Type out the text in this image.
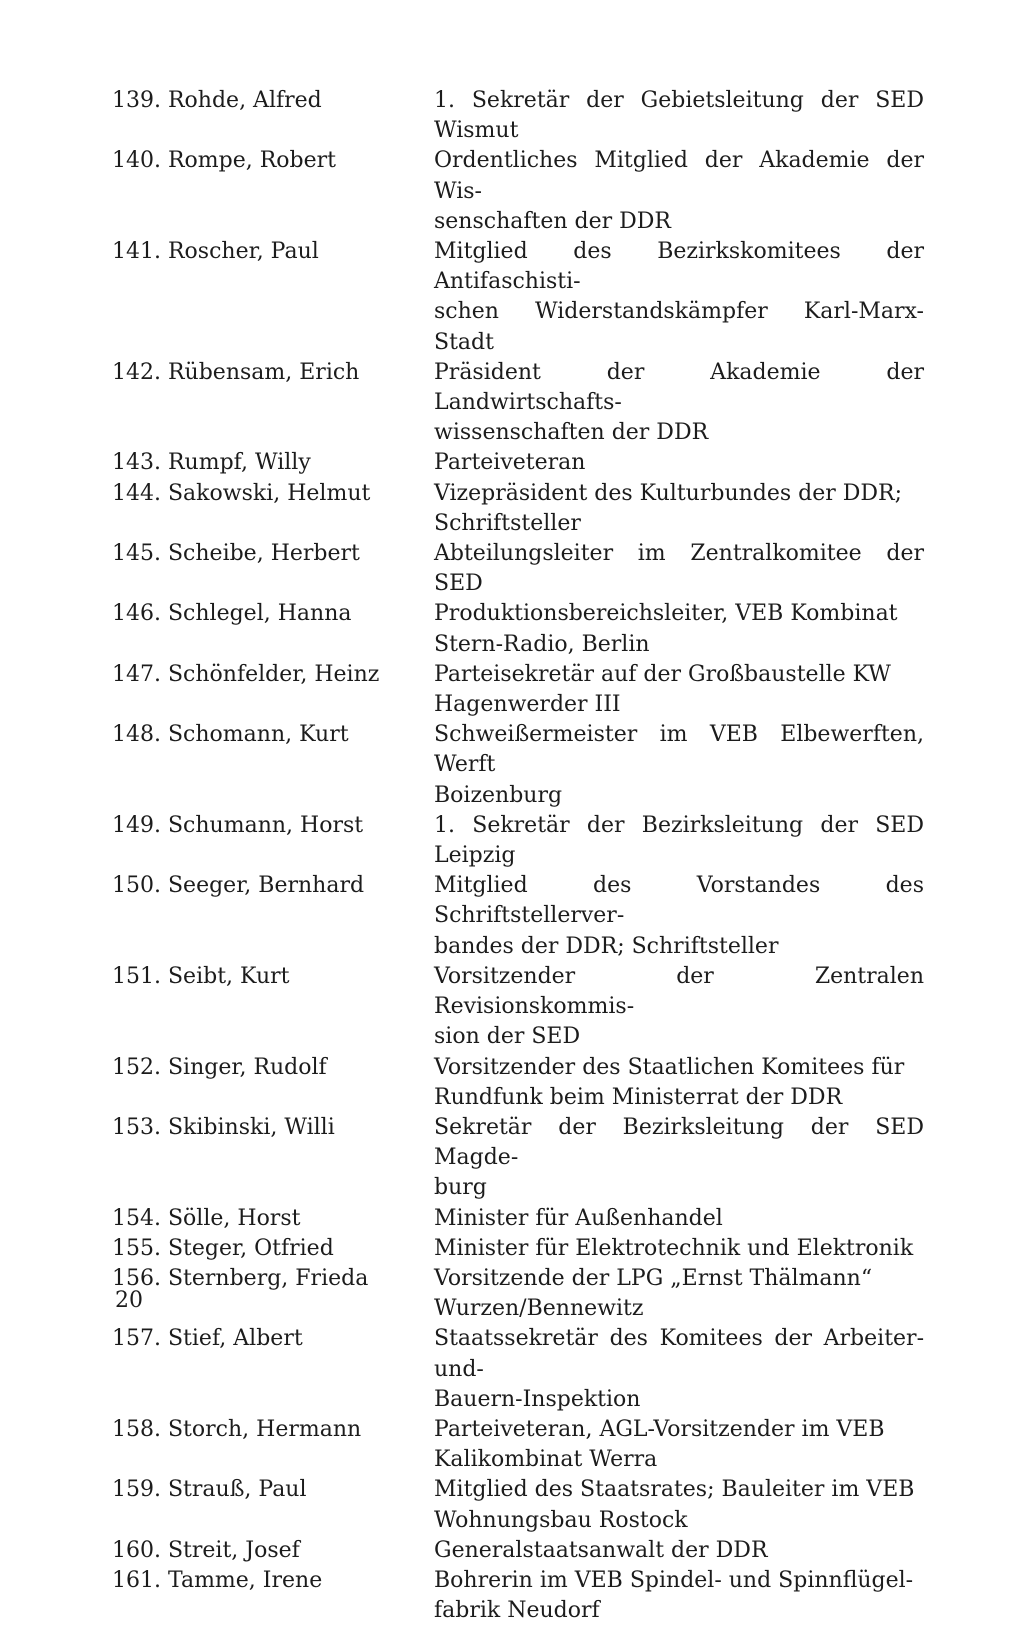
139. Rohde, Alfred	1. Sekretär der Gebietsleitung der SED Wismut
140. Rompe, Robert	Ordentliches Mitglied der Akademie der Wis-
senschaften der DDR
141. Roscher, Paul	Mitglied des Bezirkskomitees der Antifaschisti-
schen Widerstandskämpfer Karl-Marx-Stadt
142. Rübensam, Erich	Präsident der Akademie der Landwirtschafts-
wissenschaften der DDR
143. Rumpf, Willy	Parteiveteran
144. Sakowski, Helmut	Vizepräsident des Kulturbundes der DDR;
Schriftsteller
145. Scheibe, Herbert	Abteilungsleiter im Zentralkomitee der SED
146. Schlegel, Hanna	Produktionsbereichsleiter, VEB Kombinat
Stern-Radio, Berlin
147. Schönfelder, Heinz	Parteisekretär auf der Großbaustelle KW
Hagenwerder III
148. Schomann, Kurt	Schweißermeister im VEB Elbewerften, Werft
Boizenburg
149. Schumann, Horst	1. Sekretär der Bezirksleitung der SED Leipzig
150. Seeger, Bernhard	Mitglied des Vorstandes des Schriftstellerver-
bandes der DDR; Schriftsteller
151. Seibt, Kurt	Vorsitzender der Zentralen Revisionskommis-
sion der SED
152. Singer, Rudolf	Vorsitzender des Staatlichen Komitees für
Rundfunk beim Ministerrat der DDR
153. Skibinski, Willi	Sekretär der Bezirksleitung der SED Magde-
burg
154. Sölle, Horst	Minister für Außenhandel
155. Steger, Otfried	Minister für Elektrotechnik und Elektronik
156. Sternberg, Frieda	Vorsitzende der LPG „Ernst Thälmann“
Wurzen/Bennewitz
157. Stief, Albert	Staatssekretär des Komitees der Arbeiter-und-
Bauern-Inspektion
158. Storch, Hermann	Parteiveteran, AGL-Vorsitzender im VEB
Kalikombinat Werra
159. Strauß, Paul	Mitglied des Staatsrates; Bauleiter im VEB
Wohnungsbau Rostock
160. Streit, Josef	Generalstaatsanwalt der DDR
161. Tamme, Irene	Bohrerin im VEB Spindel- und Spinnflügel-
fabrik Neudorf
20
